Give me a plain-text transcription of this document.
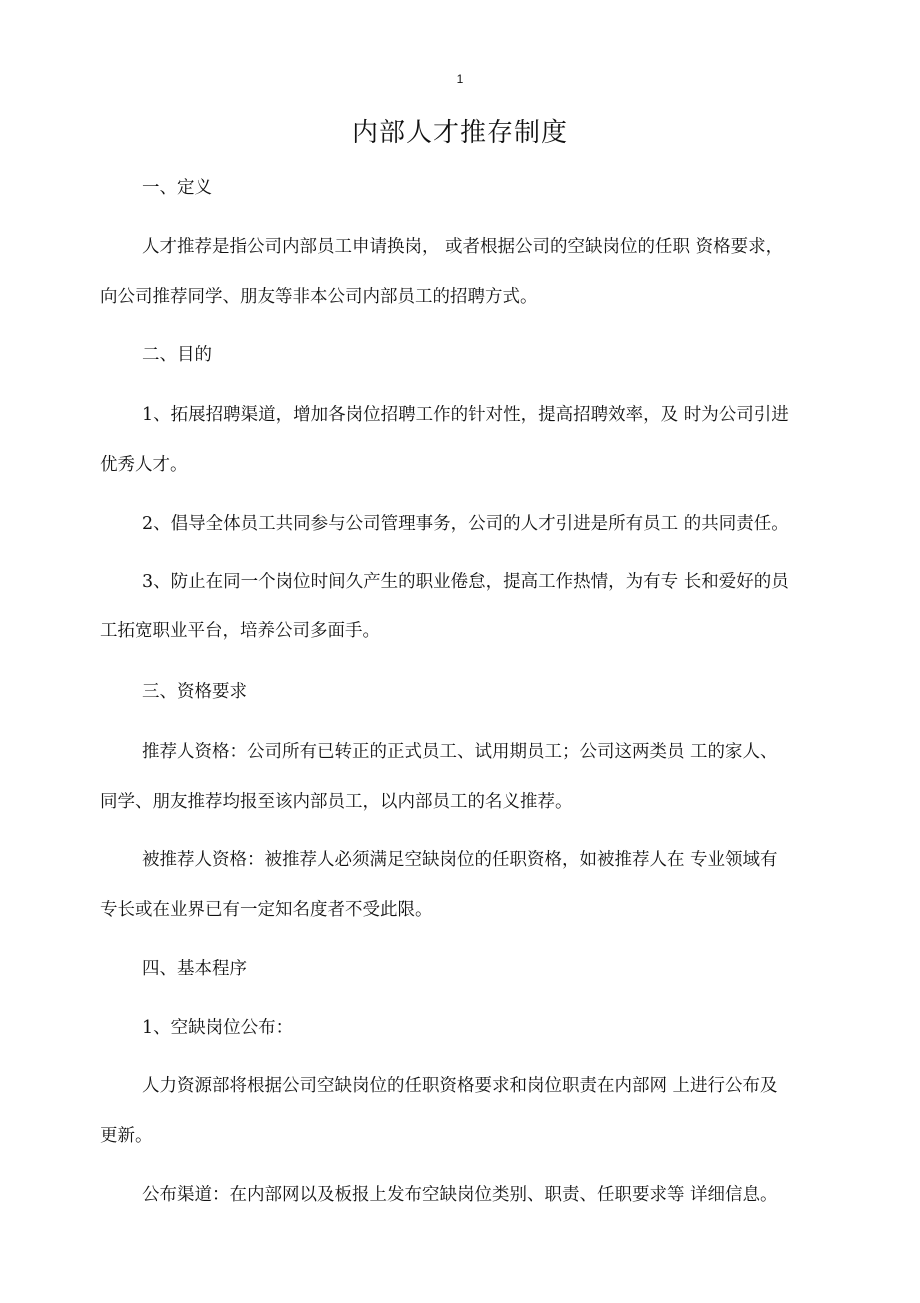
1
内部人才推存制度
一、定义
人才推荐是指公司内部员工申请换岗， 或者根据公司的空缺岗位的任职 资格要求，
向公司推荐同学、朋友等非本公司内部员工的招聘方式。
二、目的
1、拓展招聘渠道，增加各岗位招聘工作的针对性，提高招聘效率，及 时为公司引进
优秀人才。
2、倡导全体员工共同参与公司管理事务，公司的人才引进是所有员工 的共同责任。
3、防止在同一个岗位时间久产生的职业倦怠，提高工作热情，为有专 长和爱好的员
工拓宽职业平台，培养公司多面手。
三、资格要求
推荐人资格：公司所有已转正的正式员工、试用期员工；公司这两类员 工的家人、
同学、朋友推荐均报至该内部员工，以内部员工的名义推荐。
被推荐人资格：被推荐人必须满足空缺岗位的任职资格，如被推荐人在 专业领域有
专长或在业界已有一定知名度者不受此限。
四、基本程序
1、空缺岗位公布：
人力资源部将根据公司空缺岗位的任职资格要求和岗位职责在内部网 上进行公布及
更新。
公布渠道：在内部网以及板报上发布空缺岗位类别、职责、任职要求等 详细信息。
